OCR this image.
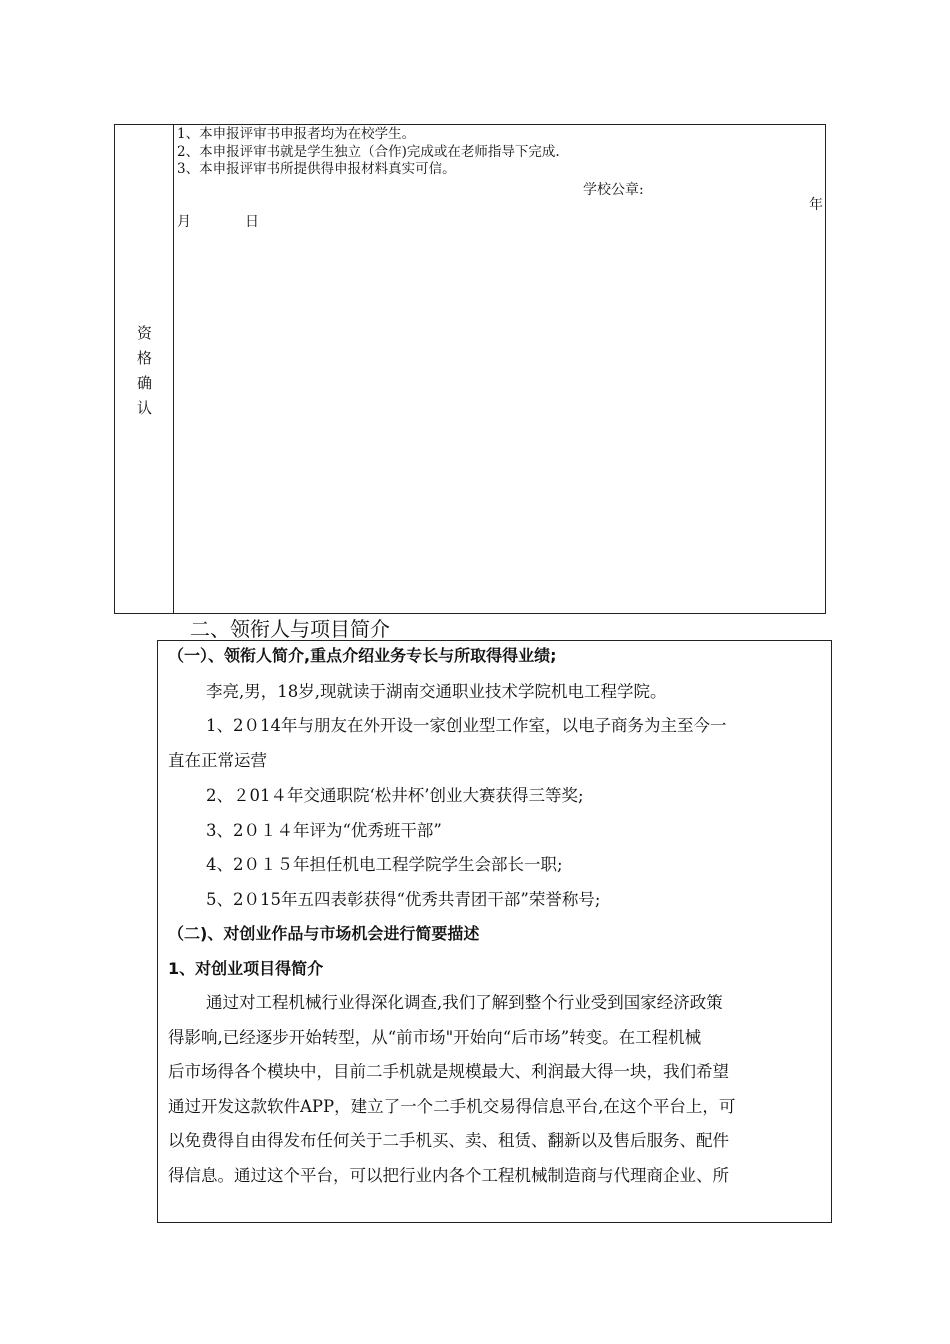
资
格
确
认
1、本申报评审书申报者均为在校学生。
2、本申报评审书就是学生独立（合作)完成或在老师指导下完成.
3、本申报评审书所提供得申报材料真实可信。
学校公章:
年
月	日
二、领衔人与项目简介
（一）、领衔人简介,重点介绍业务专长与所取得得业绩;
李亮,男，18岁,现就读于湖南交通职业技术学院机电工程学院。
1、2０14年与朋友在外开设一家创业型工作室，以电子商务为主至今一
直在正常运营
2、２01４年交通职院‘松井杯’创业大赛获得三等奖;
3、2０１４年评为“优秀班干部”
4、2０１５年担任机电工程学院学生会部长一职;
5、2０15年五四表彰获得“优秀共青团干部”荣誉称号;
（二)、对创业作品与市场机会进行简要描述
1、对创业项目得简介
通过对工程机械行业得深化调查,我们了解到整个行业受到国家经济政策
得影响,已经逐步开始转型，从“前市场"开始向“后市场”转变。在工程机械
后市场得各个模块中，目前二手机就是规模最大、利润最大得一块，我们希望
通过开发这款软件APP，建立了一个二手机交易得信息平台,在这个平台上，可
以免费得自由得发布任何关于二手机买、卖、租赁、翻新以及售后服务、配件
得信息。通过这个平台，可以把行业内各个工程机械制造商与代理商企业、所
